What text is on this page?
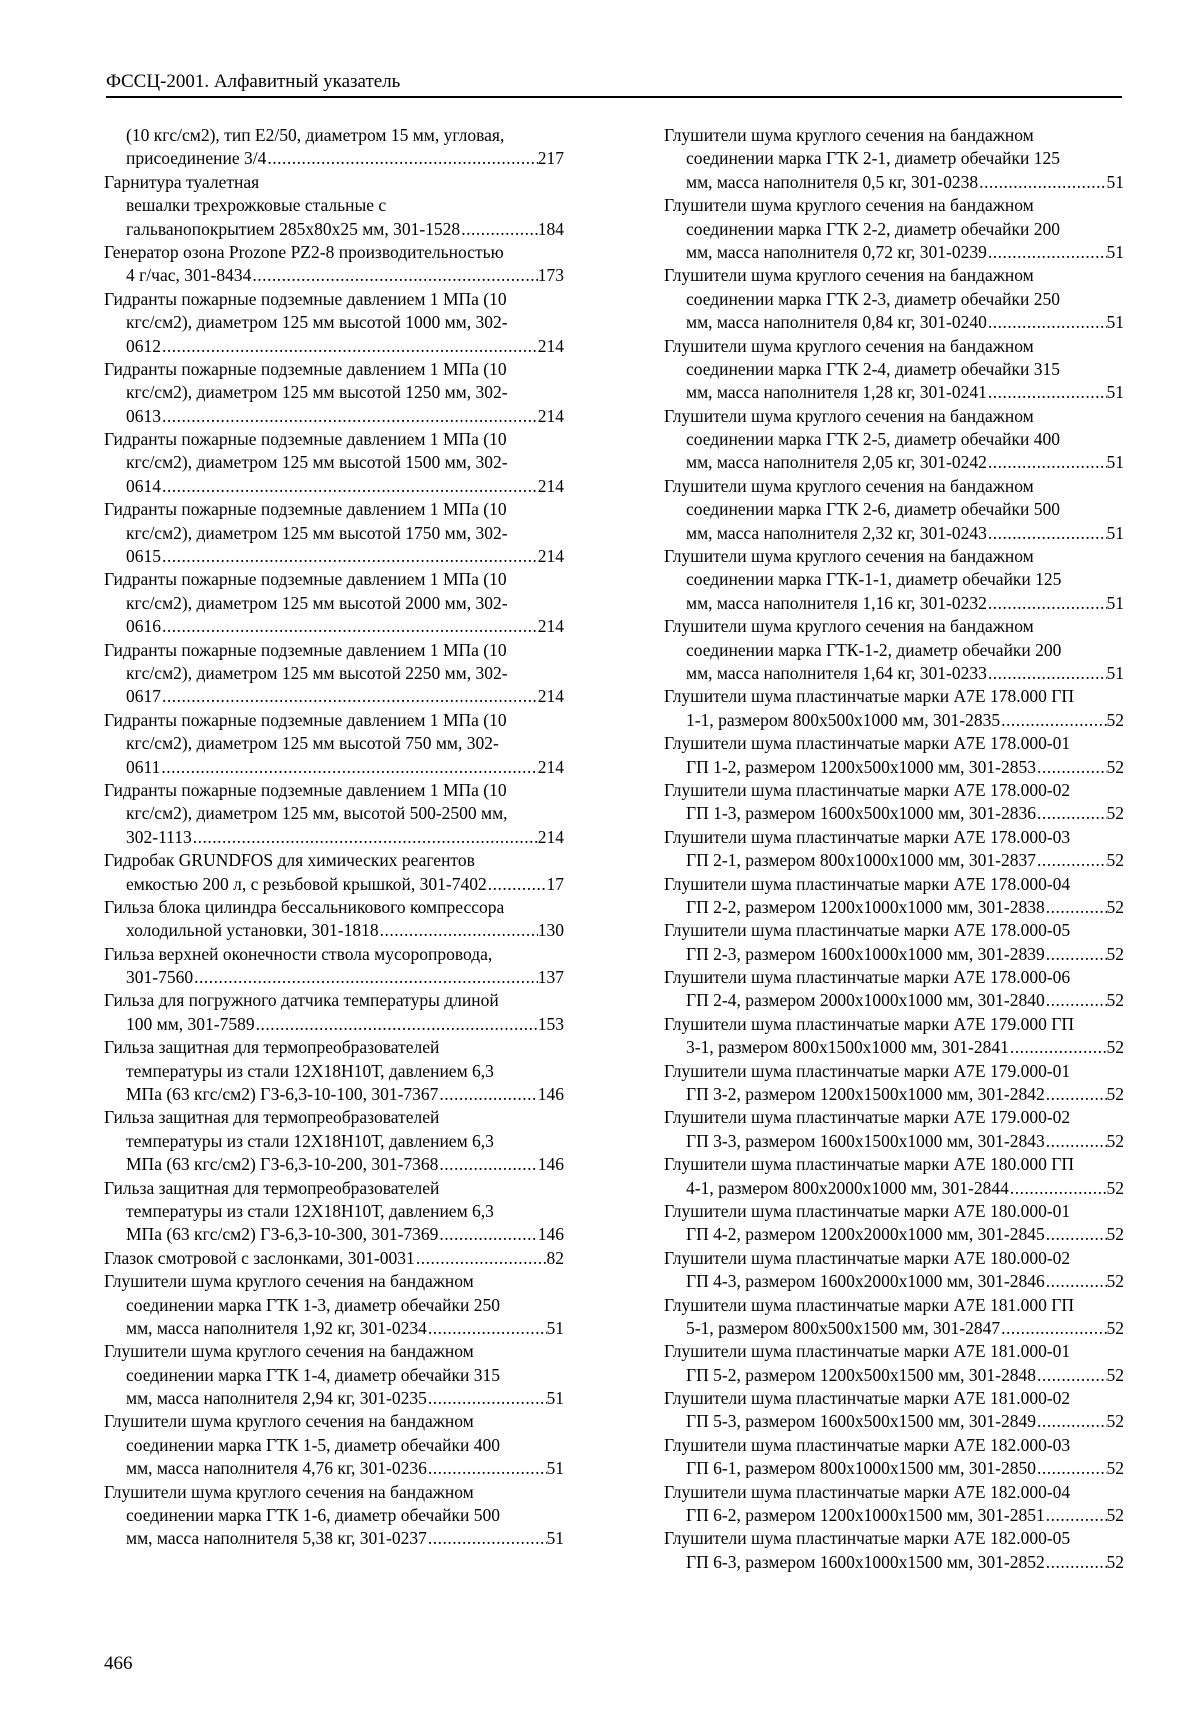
ФССЦ-2001. Алфавитный указатель
(10 кгс/см2), тип Е2/50, диаметром 15 мм, угловая,
присоединение 3/4 .....	217
Гарнитура туалетная
вешалки трехрожковые стальные с
гальванопокрытием 285х80х25 мм, 301-1528 .....	184
Генератор озона Prozone PZ2-8 производительностью
4 г/час, 301-8434 .....	173
Гидранты пожарные подземные давлением 1 МПа (10
кгс/см2), диаметром 125 мм высотой 1000 мм, 302-
0612 .....	214
Гидранты пожарные подземные давлением 1 МПа (10
кгс/см2), диаметром 125 мм высотой 1250 мм, 302-
0613 .....	214
Гидранты пожарные подземные давлением 1 МПа (10
кгс/см2), диаметром 125 мм высотой 1500 мм, 302-
0614 .....	214
Гидранты пожарные подземные давлением 1 МПа (10
кгс/см2), диаметром 125 мм высотой 1750 мм, 302-
0615 .....	214
Гидранты пожарные подземные давлением 1 МПа (10
кгс/см2), диаметром 125 мм высотой 2000 мм, 302-
0616 .....	214
Гидранты пожарные подземные давлением 1 МПа (10
кгс/см2), диаметром 125 мм высотой 2250 мм, 302-
0617 .....	214
Гидранты пожарные подземные давлением 1 МПа (10
кгс/см2), диаметром 125 мм высотой 750 мм, 302-
0611 .....	214
Гидранты пожарные подземные давлением 1 МПа (10
кгс/см2), диаметром 125 мм, высотой 500-2500 мм,
302-1113 .....	214
Гидробак GRUNDFOS для химических реагентов
емкостью 200 л, с резьбовой крышкой, 301-7402 .....	17
Гильза блока цилиндра бессальникового компрессора
холодильной установки, 301-1818 .....	130
Гильза верхней оконечности ствола мусоропровода,
301-7560 .....	137
Гильза для погружного датчика температуры длиной
100 мм, 301-7589 .....	153
Гильза защитная для термопреобразователей
температуры из стали 12Х18Н10Т, давлением 6,3
МПа (63 кгс/см2) ГЗ-6,3-10-100, 301-7367 .....	146
Гильза защитная для термопреобразователей
температуры из стали 12Х18Н10Т, давлением 6,3
МПа (63 кгс/см2) ГЗ-6,3-10-200, 301-7368 .....	146
Гильза защитная для термопреобразователей
температуры из стали 12Х18Н10Т, давлением 6,3
МПа (63 кгс/см2) ГЗ-6,3-10-300, 301-7369 .....	146
Глазок смотровой с заслонками, 301-0031 .....	82
Глушители шума круглого сечения на бандажном
соединении марка ГТК 1-3, диаметр обечайки 250
мм, масса наполнителя 1,92 кг, 301-0234 .....	51
Глушители шума круглого сечения на бандажном
соединении марка ГТК 1-4, диаметр обечайки 315
мм, масса наполнителя 2,94 кг, 301-0235 .....	51
Глушители шума круглого сечения на бандажном
соединении марка ГТК 1-5, диаметр обечайки 400
мм, масса наполнителя 4,76 кг, 301-0236 .....	51
Глушители шума круглого сечения на бандажном
соединении марка ГТК 1-6, диаметр обечайки 500
мм, масса наполнителя 5,38 кг, 301-0237 .....	51
Глушители шума круглого сечения на бандажном
соединении марка ГТК 2-1, диаметр обечайки 125
мм, масса наполнителя 0,5 кг, 301-0238 .....	51
Глушители шума круглого сечения на бандажном
соединении марка ГТК 2-2, диаметр обечайки 200
мм, масса наполнителя 0,72 кг, 301-0239 .....	51
Глушители шума круглого сечения на бандажном
соединении марка ГТК 2-3, диаметр обечайки 250
мм, масса наполнителя 0,84 кг, 301-0240 .....	51
Глушители шума круглого сечения на бандажном
соединении марка ГТК 2-4, диаметр обечайки 315
мм, масса наполнителя 1,28 кг, 301-0241 .....	51
Глушители шума круглого сечения на бандажном
соединении марка ГТК 2-5, диаметр обечайки 400
мм, масса наполнителя 2,05 кг, 301-0242 .....	51
Глушители шума круглого сечения на бандажном
соединении марка ГТК 2-6, диаметр обечайки 500
мм, масса наполнителя 2,32 кг, 301-0243 .....	51
Глушители шума круглого сечения на бандажном
соединении марка ГТК-1-1, диаметр обечайки 125
мм, масса наполнителя 1,16 кг, 301-0232 .....	51
Глушители шума круглого сечения на бандажном
соединении марка ГТК-1-2, диаметр обечайки 200
мм, масса наполнителя 1,64 кг, 301-0233 .....	51
Глушители шума пластинчатые марки А7Е 178.000 ГП
1-1, размером 800х500х1000 мм, 301-2835 .....	52
Глушители шума пластинчатые марки А7Е 178.000-01
ГП 1-2, размером 1200х500х1000 мм, 301-2853 .....	52
Глушители шума пластинчатые марки А7Е 178.000-02
ГП 1-3, размером 1600х500х1000 мм, 301-2836 .....	52
Глушители шума пластинчатые марки А7Е 178.000-03
ГП 2-1, размером 800х1000х1000 мм, 301-2837 .....	52
Глушители шума пластинчатые марки А7Е 178.000-04
ГП 2-2, размером 1200х1000х1000 мм, 301-2838 .....	52
Глушители шума пластинчатые марки А7Е 178.000-05
ГП 2-3, размером 1600х1000х1000 мм, 301-2839 .....	52
Глушители шума пластинчатые марки А7Е 178.000-06
ГП 2-4, размером 2000х1000х1000 мм, 301-2840 .....	52
Глушители шума пластинчатые марки А7Е 179.000 ГП
3-1, размером 800х1500х1000 мм, 301-2841 .....	52
Глушители шума пластинчатые марки А7Е 179.000-01
ГП 3-2, размером 1200х1500х1000 мм, 301-2842 .....	52
Глушители шума пластинчатые марки А7Е 179.000-02
ГП 3-3, размером 1600х1500х1000 мм, 301-2843 .....	52
Глушители шума пластинчатые марки А7Е 180.000 ГП
4-1, размером 800х2000х1000 мм, 301-2844 .....	52
Глушители шума пластинчатые марки А7Е 180.000-01
ГП 4-2, размером 1200х2000х1000 мм, 301-2845 .....	52
Глушители шума пластинчатые марки А7Е 180.000-02
ГП 4-3, размером 1600х2000х1000 мм, 301-2846 .....	52
Глушители шума пластинчатые марки А7Е 181.000 ГП
5-1, размером 800х500х1500 мм, 301-2847 .....	52
Глушители шума пластинчатые марки А7Е 181.000-01
ГП 5-2, размером 1200х500х1500 мм, 301-2848 .....	52
Глушители шума пластинчатые марки А7Е 181.000-02
ГП 5-3, размером 1600х500х1500 мм, 301-2849 .....	52
Глушители шума пластинчатые марки А7Е 182.000-03
ГП 6-1, размером 800х1000х1500 мм, 301-2850 .....	52
Глушители шума пластинчатые марки А7Е 182.000-04
ГП 6-2, размером 1200х1000х1500 мм, 301-2851 .....	52
Глушители шума пластинчатые марки А7Е 182.000-05
ГП 6-3, размером 1600х1000х1500 мм, 301-2852 .....	52
466
